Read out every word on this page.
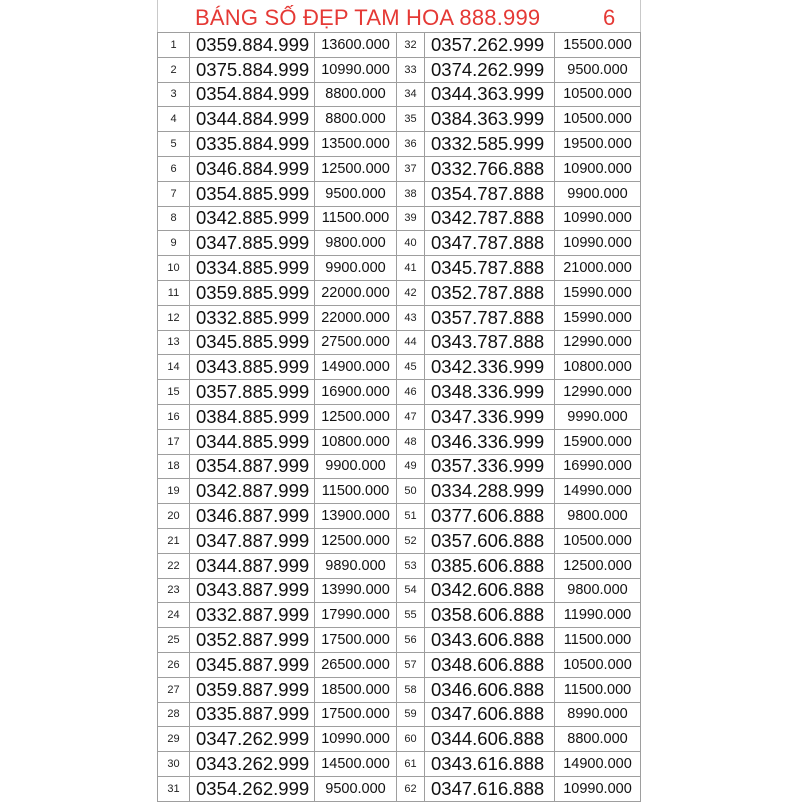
BÁNG SỐ ĐẸP TAM HOA 888.999	6
1	0359.884.999	13600.000	32	0357.262.999	15500.000
2	0375.884.999	10990.000	33	0374.262.999	9500.000
3	0354.884.999	8800.000	34	0344.363.999	10500.000
4	0344.884.999	8800.000	35	0384.363.999	10500.000
5	0335.884.999	13500.000	36	0332.585.999	19500.000
6	0346.884.999	12500.000	37	0332.766.888	10900.000
7	0354.885.999	9500.000	38	0354.787.888	9900.000
8	0342.885.999	11500.000	39	0342.787.888	10990.000
9	0347.885.999	9800.000	40	0347.787.888	10990.000
10	0334.885.999	9900.000	41	0345.787.888	21000.000
11	0359.885.999	22000.000	42	0352.787.888	15990.000
12	0332.885.999	22000.000	43	0357.787.888	15990.000
13	0345.885.999	27500.000	44	0343.787.888	12990.000
14	0343.885.999	14900.000	45	0342.336.999	10800.000
15	0357.885.999	16900.000	46	0348.336.999	12990.000
16	0384.885.999	12500.000	47	0347.336.999	9990.000
17	0344.885.999	10800.000	48	0346.336.999	15900.000
18	0354.887.999	9900.000	49	0357.336.999	16990.000
19	0342.887.999	11500.000	50	0334.288.999	14990.000
20	0346.887.999	13900.000	51	0377.606.888	9800.000
21	0347.887.999	12500.000	52	0357.606.888	10500.000
22	0344.887.999	9890.000	53	0385.606.888	12500.000
23	0343.887.999	13990.000	54	0342.606.888	9800.000
24	0332.887.999	17990.000	55	0358.606.888	11990.000
25	0352.887.999	17500.000	56	0343.606.888	11500.000
26	0345.887.999	26500.000	57	0348.606.888	10500.000
27	0359.887.999	18500.000	58	0346.606.888	11500.000
28	0335.887.999	17500.000	59	0347.606.888	8990.000
29	0347.262.999	10990.000	60	0344.606.888	8800.000
30	0343.262.999	14500.000	61	0343.616.888	14900.000
31	0354.262.999	9500.000	62	0347.616.888	10990.000
